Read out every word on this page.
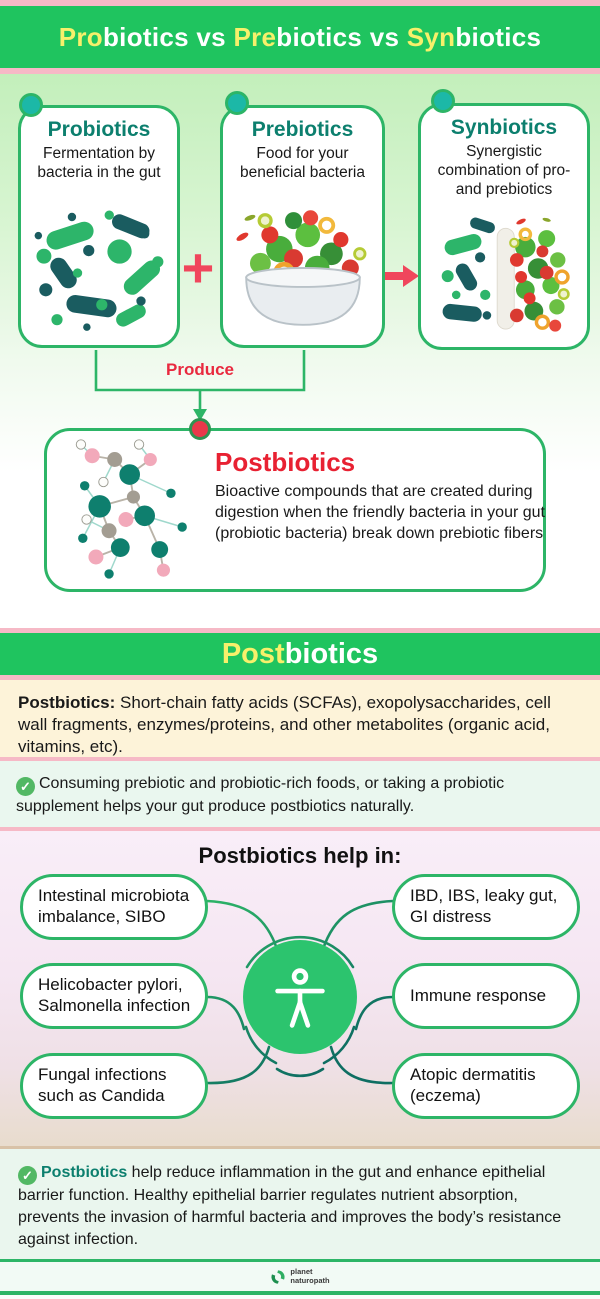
Probiotics vs Prebiotics vs Synbiotics
Produce
Probiotics
Fermentation by bacteria in the gut
+
Prebiotics
Food for your beneficial bacteria
Synbiotics
Synergistic combination of pro- and prebiotics
Postbiotics
Bioactive compounds that are created during digestion when the friendly bacteria in your gut (probiotic bacteria) break down prebiotic fibers
Postbiotics
Postbiotics: Short-chain fatty acids (SCFAs), exopolysaccharides, cell wall fragments, enzymes/proteins, and other metabolites (organic acid, vitamins, etc).
✓ Consuming prebiotic and probiotic-rich foods, or taking a probiotic supplement helps your gut produce postbiotics naturally.
Postbiotics help in:
Intestinal microbiota imbalance, SIBO
IBD, IBS, leaky gut, GI distress
Helicobacter pylori, Salmonella infection
Immune response
Fungal infections such as Candida
Atopic dermatitis (eczema)
✓ Postbiotics help reduce inflammation in the gut and enhance epithelial barrier function. Healthy epithelial barrier regulates nutrient absorption, prevents the invasion of harmful bacteria and improves the body’s resistance against infection.
planet
naturopath
